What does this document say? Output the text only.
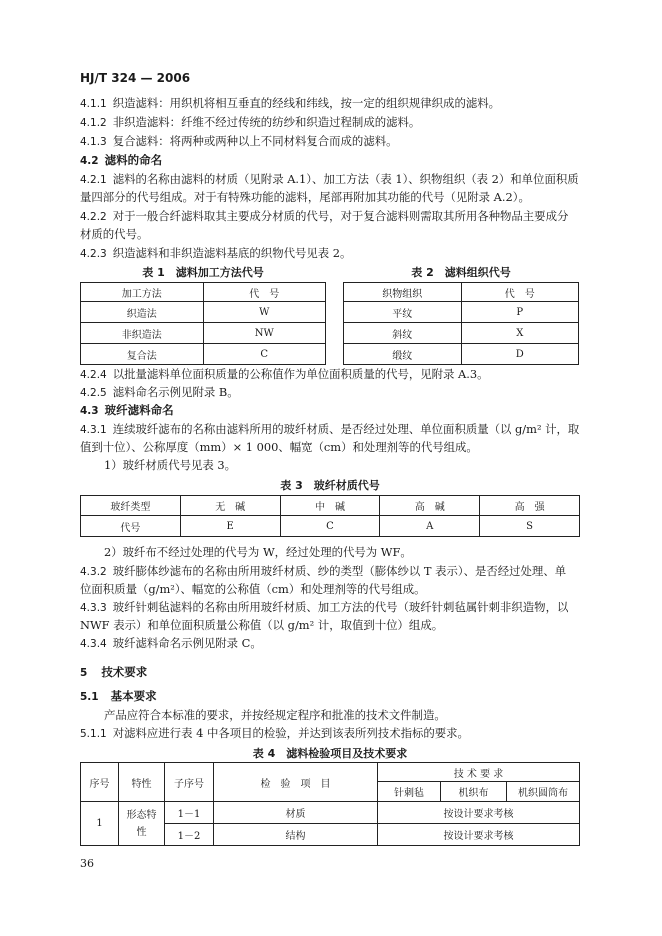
HJ/T 324 — 2006
4.1.1 织造滤料：用织机将相互垂直的经线和纬线，按一定的组织规律织成的滤料。
4.1.2 非织造滤料：纤维不经过传统的纺纱和织造过程制成的滤料。
4.1.3 复合滤料：将两种或两种以上不同材料复合而成的滤料。
4.2 滤料的命名
4.2.1 滤料的名称由滤料的材质（见附录 A.1）、加工方法（表 1）、织物组织（表 2）和单位面积质
量四部分的代号组成。对于有特殊功能的滤料，尾部再附加其功能的代号（见附录 A.2）。
4.2.2 对于一般合纤滤料取其主要成分材质的代号，对于复合滤料则需取其所用各种物品主要成分
材质的代号。
4.2.3 织造滤料和非织造滤料基底的织物代号见表 2。
表 1　滤料加工方法代号
加工方法	代　号
织造法	W
非织造法	NW
复合法	C
表 2　滤料组织代号
织物组织	代　号
平纹	P
斜纹	X
缎纹	D
4.2.4 以批量滤料单位面积质量的公称值作为单位面积质量的代号，见附录 A.3。
4.2.5 滤料命名示例见附录 B。
4.3 玻纤滤料命名
4.3.1 连续玻纤滤布的名称由滤料所用的玻纤材质、是否经过处理、单位面积质量（以 g/m² 计，取
值到十位）、公称厚度（mm）× 1 000、幅宽（cm）和处理剂等的代号组成。
1）玻纤材质代号见表 3。
表 3　玻纤材质代号
玻纤类型	无　碱	中　碱	高　碱	高　强
代号	E	C	A	S
2）玻纤布不经过处理的代号为 W，经过处理的代号为 WF。
4.3.2 玻纤膨体纱滤布的名称由所用玻纤材质、纱的类型（膨体纱以 T 表示）、是否经过处理、单
位面积质量（g/m²）、幅宽的公称值（cm）和处理剂等的代号组成。
4.3.3 玻纤针刺毡滤料的名称由所用玻纤材质、加工方法的代号（玻纤针刺毡属针刺非织造物，以
NWF 表示）和单位面积质量公称值（以 g/m² 计，取值到十位）组成。
4.3.4 玻纤滤料命名示例见附录 C。
5 技术要求
5.1 基本要求
产品应符合本标准的要求，并按经规定程序和批准的技术文件制造。
5.1.1 对滤料应进行表 4 中各项目的检验，并达到该表所列技术指标的要求。
表 4　滤料检验项目及技术要求
序号	特性	子序号	检　验　项　目	技 术 要 求		
				针刺毡	机织布	机织圆筒布
1	形态特性	1－1	材质	按设计要求考核		
		1－2	结构	按设计要求考核		
36
